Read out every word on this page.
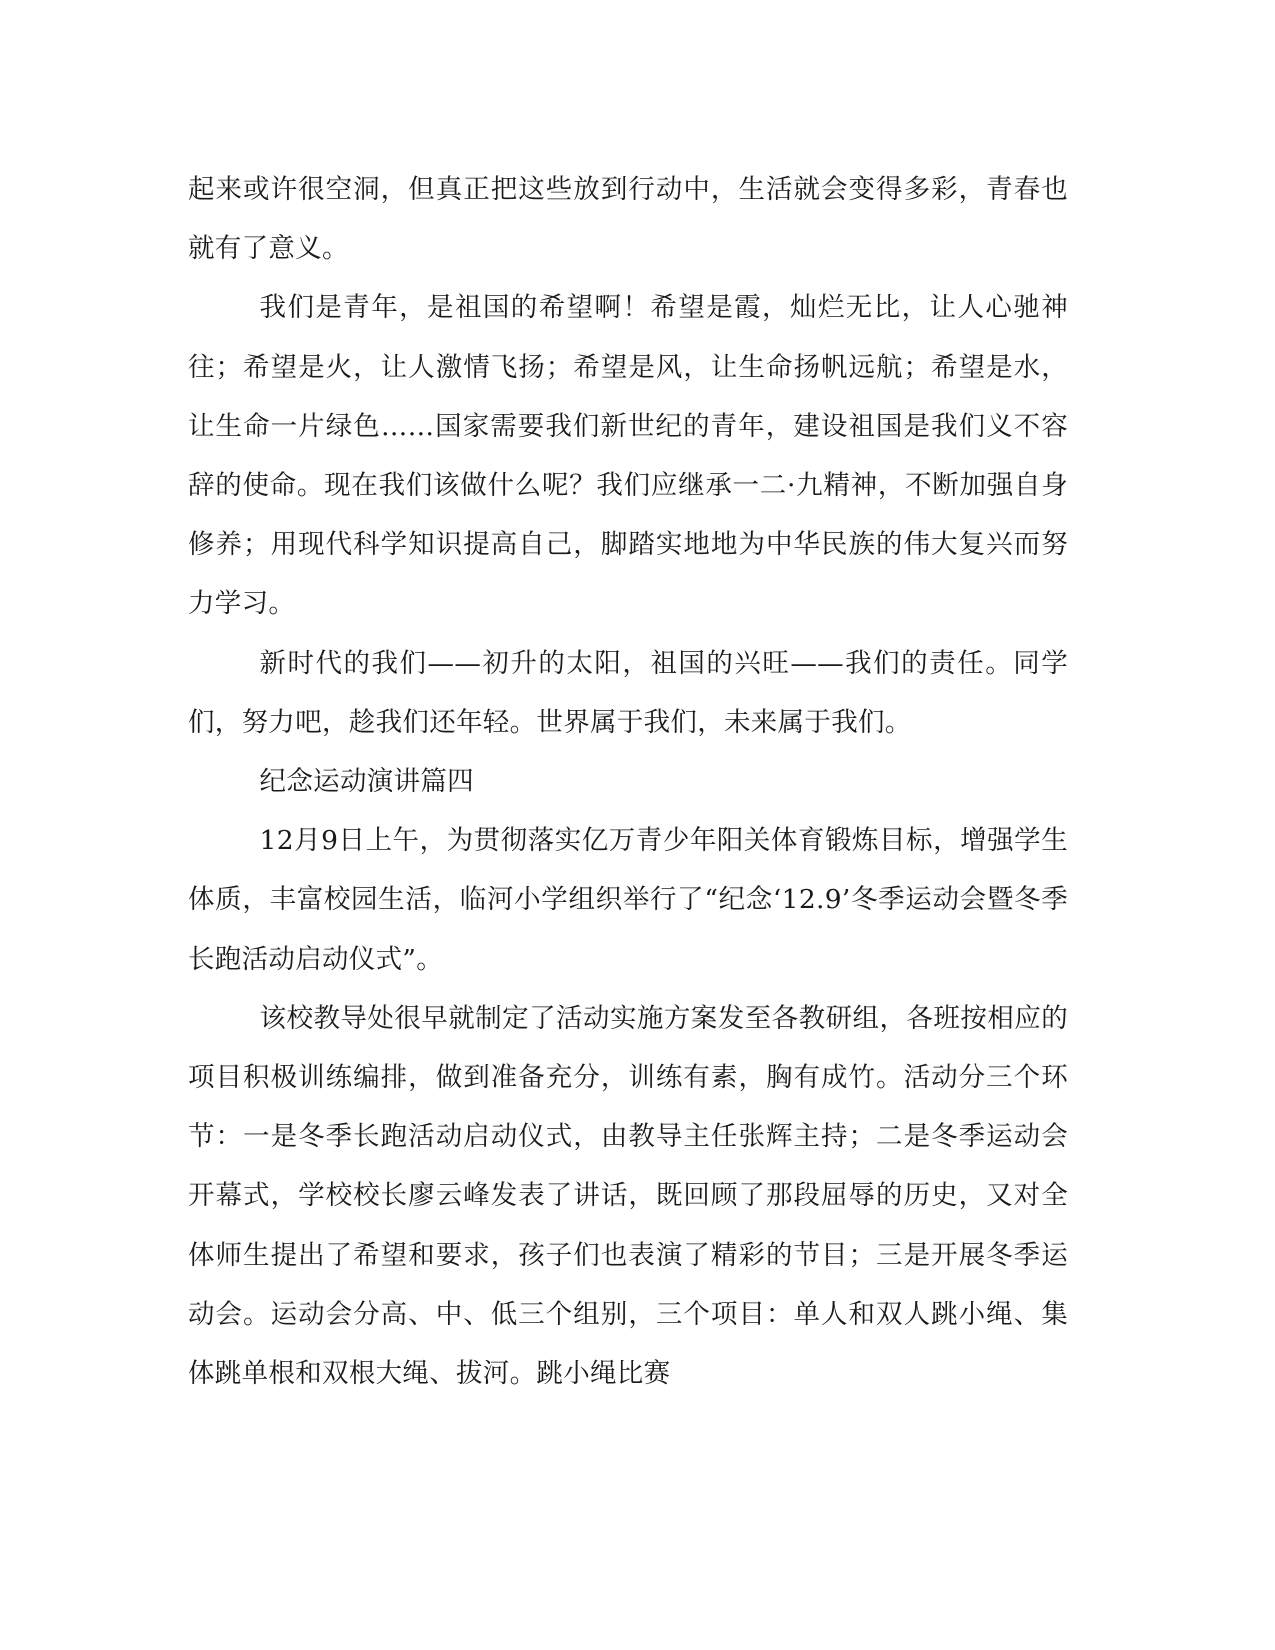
起来或许很空洞，但真正把这些放到行动中，生活就会变得多彩，青春也就有了意义。

我们是青年，是祖国的希望啊！希望是霞，灿烂无比，让人心驰神往；希望是火，让人激情飞扬；希望是风，让生命扬帆远航；希望是水，让生命一片绿色……国家需要我们新世纪的青年，建设祖国是我们义不容辞的使命。现在我们该做什么呢？我们应继承一二·九精神，不断加强自身修养；用现代科学知识提高自己，脚踏实地地为中华民族的伟大复兴而努力学习。

新时代的我们——初升的太阳，祖国的兴旺——我们的责任。同学们，努力吧，趁我们还年轻。世界属于我们，未来属于我们。

纪念运动演讲篇四

12月9日上午，为贯彻落实亿万青少年阳关体育锻炼目标，增强学生体质，丰富校园生活，临河小学组织举行了“纪念‘12.9’冬季运动会暨冬季长跑活动启动仪式”。

该校教导处很早就制定了活动实施方案发至各教研组，各班按相应的项目积极训练编排，做到准备充分，训练有素，胸有成竹。活动分三个环节：一是冬季长跑活动启动仪式，由教导主任张辉主持；二是冬季运动会开幕式，学校校长廖云峰发表了讲话，既回顾了那段屈辱的历史，又对全体师生提出了希望和要求，孩子们也表演了精彩的节目；三是开展冬季运动会。运动会分高、中、低三个组别，三个项目：单人和双人跳小绳、集体跳单根和双根大绳、拔河。跳小绳比赛
